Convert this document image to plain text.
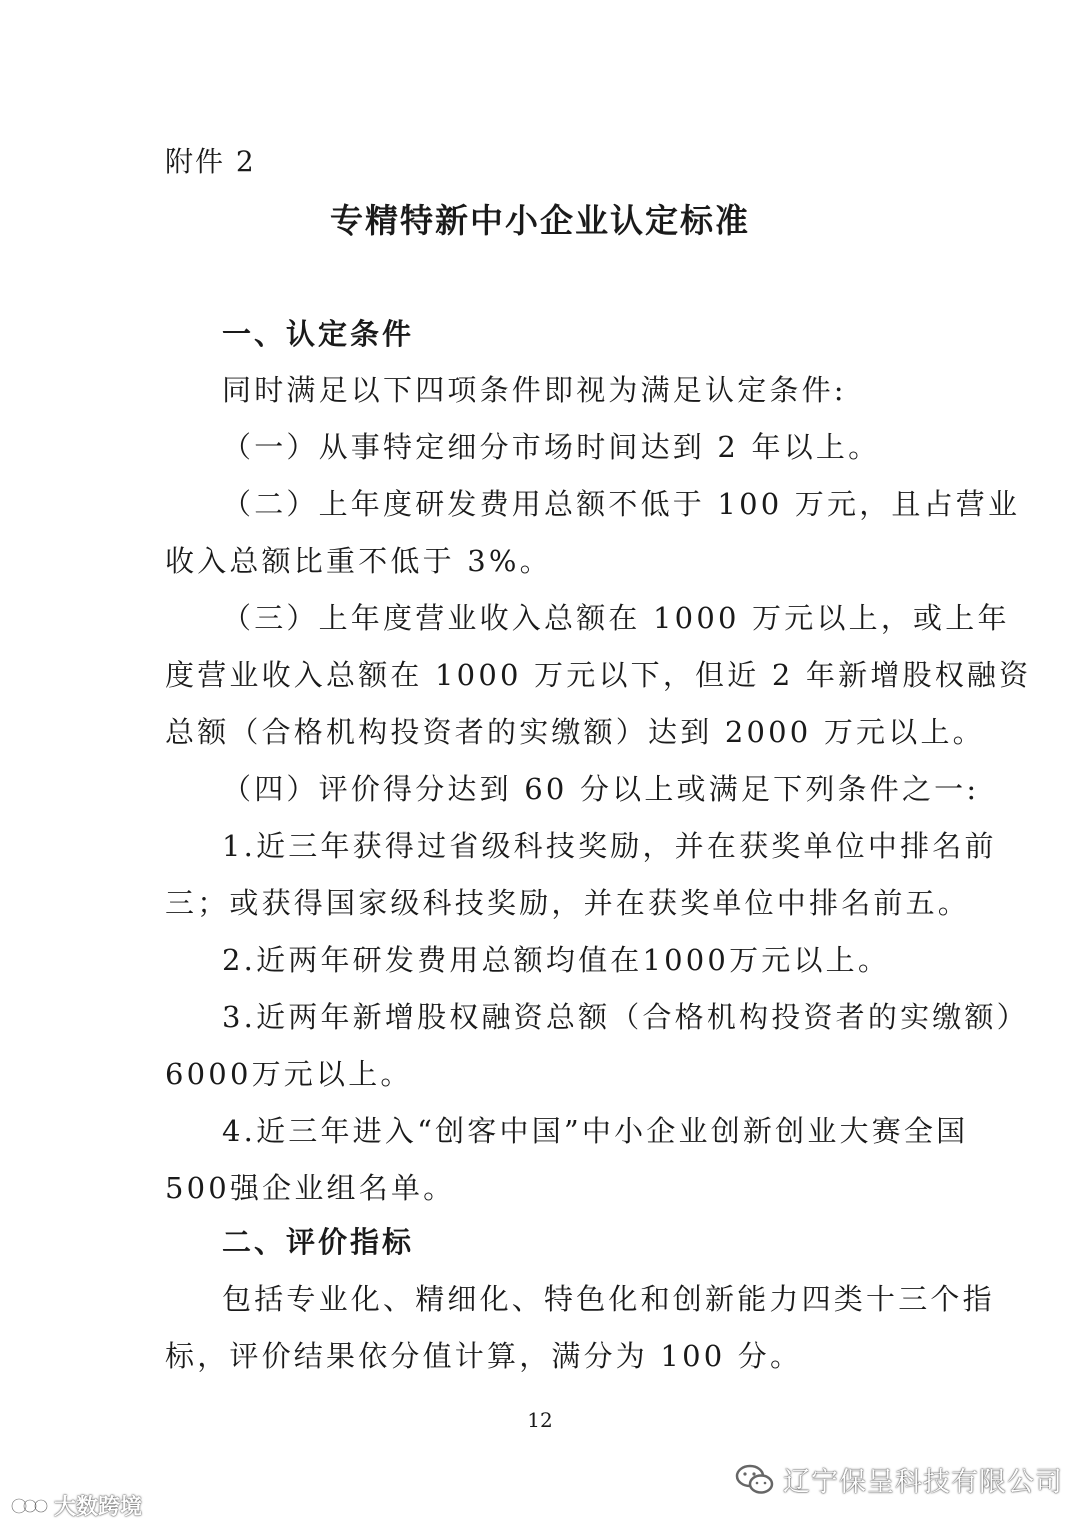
附件 2
专精特新中小企业认定标准
一、认定条件
同时满足以下四项条件即视为满足认定条件:
（一）从事特定细分市场时间达到 2 年以上。
（二）上年度研发费用总额不低于 100 万元，且占营业
收入总额比重不低于 3%。
（三）上年度营业收入总额在 1000 万元以上，或上年
度营业收入总额在 1000 万元以下，但近 2 年新增股权融资
总额（合格机构投资者的实缴额）达到 2000 万元以上。
（四）评价得分达到 60 分以上或满足下列条件之一:
1.近三年获得过省级科技奖励，并在获奖单位中排名前
三；或获得国家级科技奖励，并在获奖单位中排名前五。
2.近两年研发费用总额均值在1000万元以上。
3.近两年新增股权融资总额（合格机构投资者的实缴额）
6000万元以上。
4.近三年进入“创客中国”中小企业创新创业大赛全国
500强企业组名单。
二、评价指标
包括专业化、精细化、特色化和创新能力四类十三个指
标，评价结果依分值计算，满分为 100 分。
12
大数跨境
辽宁保呈科技有限公司
